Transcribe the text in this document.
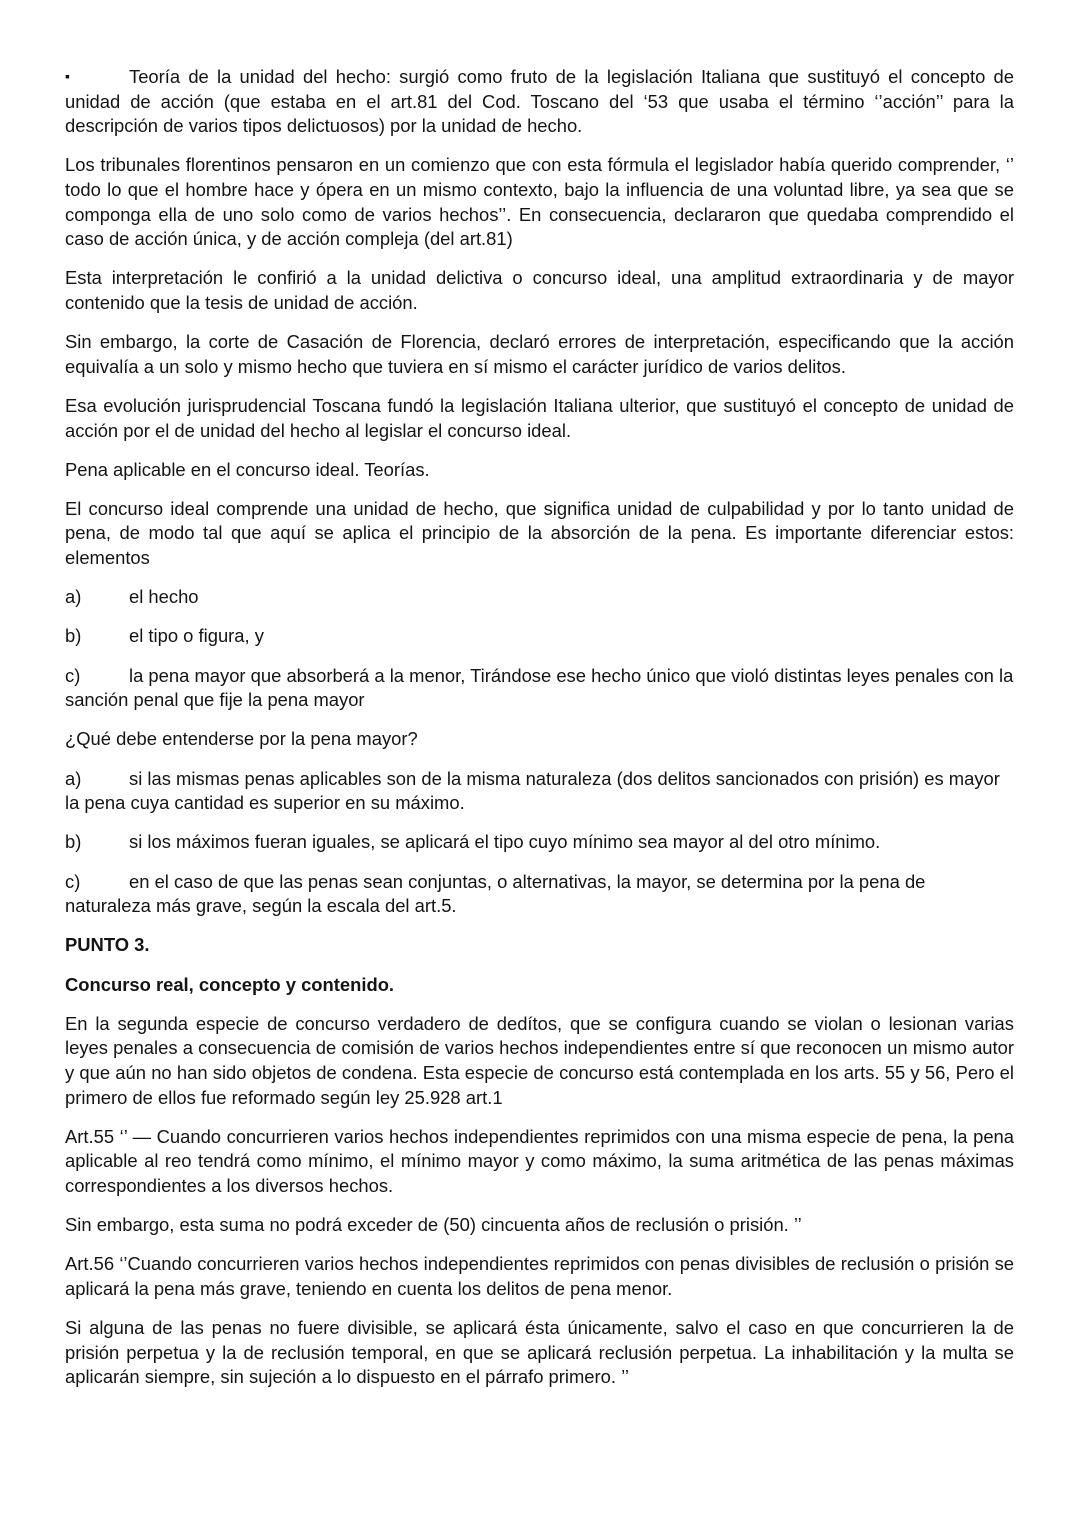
▪	Teoría de la unidad del hecho: surgió como fruto de la legislación Italiana que sustituyó el concepto de unidad de acción (que estaba en el art.81 del Cod. Toscano del ‘53 que usaba el término ‘’acción’’ para la descripción de varios tipos delictuosos) por la unidad de hecho.

Los tribunales florentinos pensaron en un comienzo que con esta fórmula el legislador había querido comprender, ‘’ todo lo que el hombre hace y ópera en un mismo contexto, bajo la influencia de una voluntad libre, ya sea que se componga ella de uno solo como de varios hechos’’. En consecuencia, declararon que quedaba comprendido el caso de acción única, y de acción compleja (del art.81)

Esta interpretación le confirió a la unidad delictiva o concurso ideal, una amplitud extraordinaria y de mayor contenido que la tesis de unidad de acción.

Sin embargo, la corte de Casación de Florencia, declaró errores de interpretación, especificando que la acción equivalía a un solo y mismo hecho que tuviera en sí mismo el carácter jurídico de varios delitos.

Esa evolución jurisprudencial Toscana fundó la legislación Italiana ulterior, que sustituyó el concepto de unidad de acción por el de unidad del hecho al legislar el concurso ideal.

Pena aplicable en el concurso ideal. Teorías.

El concurso ideal comprende una unidad de hecho, que significa unidad de culpabilidad y por lo tanto unidad de pena, de modo tal que aquí se aplica el principio de la absorción de la pena. Es importante diferenciar estos: elementos

a)	el hecho

b)	el tipo o figura, y

c)	la pena mayor que absorberá a la menor, Tirándose ese hecho único que violó distintas leyes penales con la sanción penal que fije la pena mayor

¿Qué debe entenderse por la pena mayor?

a)	si las mismas penas aplicables son de la misma naturaleza (dos delitos sancionados con prisión) es mayor la pena cuya cantidad es superior en su máximo.

b)	si los máximos fueran iguales, se aplicará el tipo cuyo mínimo sea mayor al del otro mínimo.

c)	en el caso de que las penas sean conjuntas, o alternativas, la mayor, se determina por la pena de naturaleza más grave, según la escala del art.5.

PUNTO 3.

Concurso real, concepto y contenido.

En la segunda especie de concurso verdadero de dedítos, que se configura cuando se violan o lesionan varias leyes penales a consecuencia de comisión de varios hechos independientes entre sí que reconocen un mismo autor y que aún no han sido objetos de condena. Esta especie de concurso está contemplada en los arts. 55 y 56, Pero el primero de ellos fue reformado según ley 25.928 art.1

Art.55 ‘’ — Cuando concurrieren varios hechos independientes reprimidos con una misma especie de pena, la pena aplicable al reo tendrá como mínimo, el mínimo mayor y como máximo, la suma aritmética de las penas máximas correspondientes a los diversos hechos.

Sin embargo, esta suma no podrá exceder de (50) cincuenta años de reclusión o prisión. ’’

Art.56 ‘’Cuando concurrieren varios hechos independientes reprimidos con penas divisibles de reclusión o prisión se aplicará la pena más grave, teniendo en cuenta los delitos de pena menor.

Si alguna de las penas no fuere divisible, se aplicará ésta únicamente, salvo el caso en que concurrieren la de prisión perpetua y la de reclusión temporal, en que se aplicará reclusión perpetua. La inhabilitación y la multa se aplicarán siempre, sin sujeción a lo dispuesto en el párrafo primero. ’’
